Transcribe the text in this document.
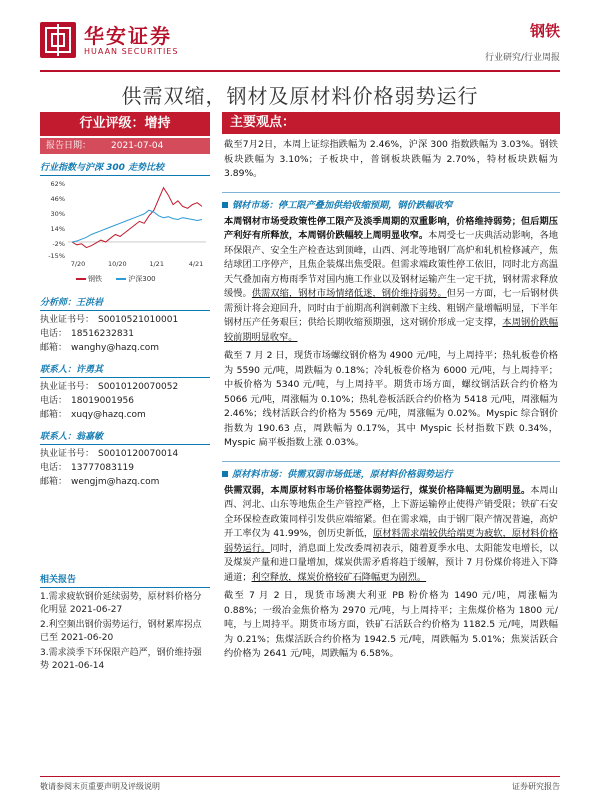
华安证券
HUAAN SECURITIES
钢铁
行业研究/行业周报
供需双缩，钢材及原材料价格弱势运行
行业评级：增持
报告日期： 2021-07-04
行业指数与沪深 300 走势比较
62%
46%
30%
14%
-2%
-15%
7/20	10/20	1/21	4/21
钢铁	沪深300
分析师：王洪岩
执业证书号： S0010521010001
电话： 18516232831
邮箱： wanghy@hazq.com
联系人：许勇其
执业证书号： S0010120070052
电话： 18019001956
邮箱： xuqy@hazq.com
联系人：翁嘉敏
执业证书号： S0010120070014
电话： 13777083119
邮箱： wengjm@hazq.com
相关报告
1.需求疲软钢价延续弱势，原材料价格分化明显 2021-06-27
2.利空频出钢价弱势运行，钢材累库拐点已至 2021-06-20
3.需求淡季下环保限产趋严，钢价维持强势 2021-06-14
主要观点：
截至7月2日，本周上证综指跌幅为 2.46%，沪深 300 指数跌幅为 3.03%。钢铁板块跌幅为 3.10%；子板块中，普钢板块跌幅为 2.70%，特材板块跌幅为 3.89%。
钢材市场：停工限产叠加供给收缩预期，钢价跌幅收窄
本周钢材市场受政策性停工限产及淡季周期的双重影响，价格维持弱势；但后期压产利好有所释放，本周钢价跌幅较上周明显收窄。本周受七一庆典活动影响，各地环保限产、安全生产检查达到顶峰，山西、河北等地钢厂高炉和轧机检修减产，焦结球团工序停产，且焦企装煤出焦受限。但需求端政策性停工依旧，同时北方高温天气叠加南方梅雨季节对国内施工作业以及钢材运输产生一定干扰，钢材需求释放缓慢。供需双缩，钢材市场情绪低迷，钢价维持弱势。但另一方面，七一后钢材供需预计将会迎回升，同时由于前期高利润刺激下主线、粗钢产量增幅明显，下半年钢材压产任务艰巨；供给长期收缩预期强，这对钢价形成一定支撑，本周钢价跌幅较前期明显收窄。
截至 7 月 2 日，现货市场螺纹钢价格为 4900 元/吨，与上周持平；热轧板卷价格为 5590 元/吨，周跌幅为 0.18%；冷轧板卷价格为 6000 元/吨，与上周持平；中板价格为 5340 元/吨，与上周持平。期货市场方面，螺纹钢活跃合约价格为 5066 元/吨，周涨幅为 0.10%；热轧卷板活跃合约价格为 5418 元/吨，周涨幅为 2.46%；线材活跃合约价格为 5569 元/吨，周涨幅为 0.02%。Myspic 综合钢价指数为 190.63 点，周跌幅为 0.17%，其中 Myspic 长材指数下跌 0.34%，Myspic 扁平板指数上涨 0.03%。
原材料市场：供需双弱市场低迷，原材料价格弱势运行
供需双弱，本周原材料市场价格整体弱势运行，煤炭价格降幅更为剧明显。本周山西、河北、山东等地焦企生产管控严格，上下游运输停止使得产销受限；铁矿石安全环保检查政策同样引发供应端缩紧。但在需求端，由于钢厂限产情况普遍，高炉开工率仅为 41.99%，创历史新低，原材料需求端较供给端更为疲软，原材料价格弱势运行。同时，消息面上发改委周初表示，随着夏季水电、太阳能发电增长，以及煤炭产量和进口量增加，煤炭供需矛盾将趋于缓解，预计 7 月份煤价将进入下降通道；利空释放，煤炭价格较矿石降幅更为剧烈。
截至 7 月 2 日，现货市场澳大利亚 PB 粉价格为 1490 元/吨，周涨幅为 0.88%；一级冶金焦价格为 2970 元/吨，与上周持平；主焦煤价格为 1800 元/吨，与上周持平。期货市场方面，铁矿石活跃合约价格为 1182.5 元/吨，周跌幅为 0.21%；焦煤活跃合约价格为 1942.5 元/吨，周跌幅为 5.01%；焦炭活跃合约价格为 2641 元/吨，周跌幅为 6.58%。
敬请参阅末页重要声明及评级说明	证券研究报告
